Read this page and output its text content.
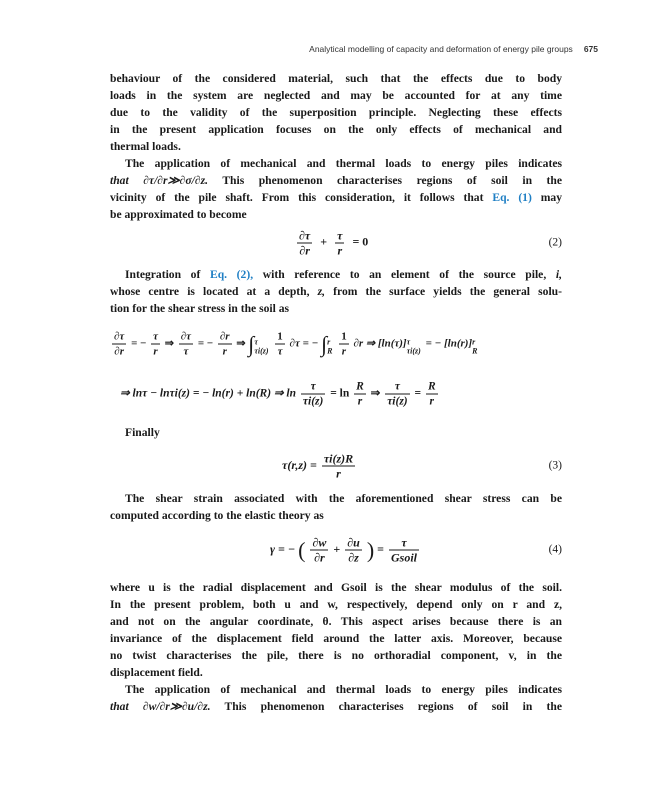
Analytical modelling of capacity and deformation of energy pile groups 675
behaviour of the considered material, such that the effects due to body
loads in the system are neglected and may be accounted for at any time
due to the validity of the superposition principle. Neglecting these effects
in the present application focuses on the only effects of mechanical and
thermal loads.
The application of mechanical and thermal loads to energy piles indicates
that ∂τ/∂r≫∂σ/∂z. This phenomenon characterises regions of soil in the
vicinity of the pile shaft. From this consideration, it follows that Eq. (1) may
be approximated to become
$\frac{\partial\tau}{\partial r} + \frac{\tau}{r} = 0$	(2)
Integration of Eq. (2), with reference to an element of the source pile, i,
whose centre is located at a depth, z, from the surface yields the general solu-
tion for the shear stress in the soil as
$\frac{\partial\tau}{\partial r}$ = − $\frac{\tau}{r}$ ⇒ $\frac{\partial\tau}{\tau}$ = − $\frac{\partial r}{r}$ ⇒ ∫ τ
τi(z)
$\frac{1}{\tau} \partial\tau$ = − ∫ r
R
$\frac{1}{r} \partial r$ ⇒ [ln(τ)] τ
τi(z)
= − [ln(r)] r
R
⇒ lnτ − lnτi(z) = − ln(r) + ln(R) ⇒ $\ln \frac{\tau}{\tau i(z)} = \ln \frac{R}{r}$ ⇒ $\frac{\tau}{\tau i(z)} = \frac{R}{r}$
Finally
$\tau(r,z) = \frac{\tau i(z)R}{r}$	(3)
The shear strain associated with the aforementioned shear stress can be
computed according to the elastic theory as
γ = − ( $\frac{\partial w}{\partial r} + \frac{\partial u}{\partial z}$ ) = $\frac{\tau}{\text{Gsoil}}$	(4)
where u is the radial displacement and Gsoil is the shear modulus of the soil.
In the present problem, both u and w, respectively, depend only on r and z,
and not on the angular coordinate, θ. This aspect arises because there is an
invariance of the displacement field around the latter axis. Moreover, because
no twist characterises the pile, there is no orthoradial component, v, in the
displacement field.
The application of mechanical and thermal loads to energy piles indicates
that ∂w/∂r≫∂u/∂z. This phenomenon characterises regions of soil in the
